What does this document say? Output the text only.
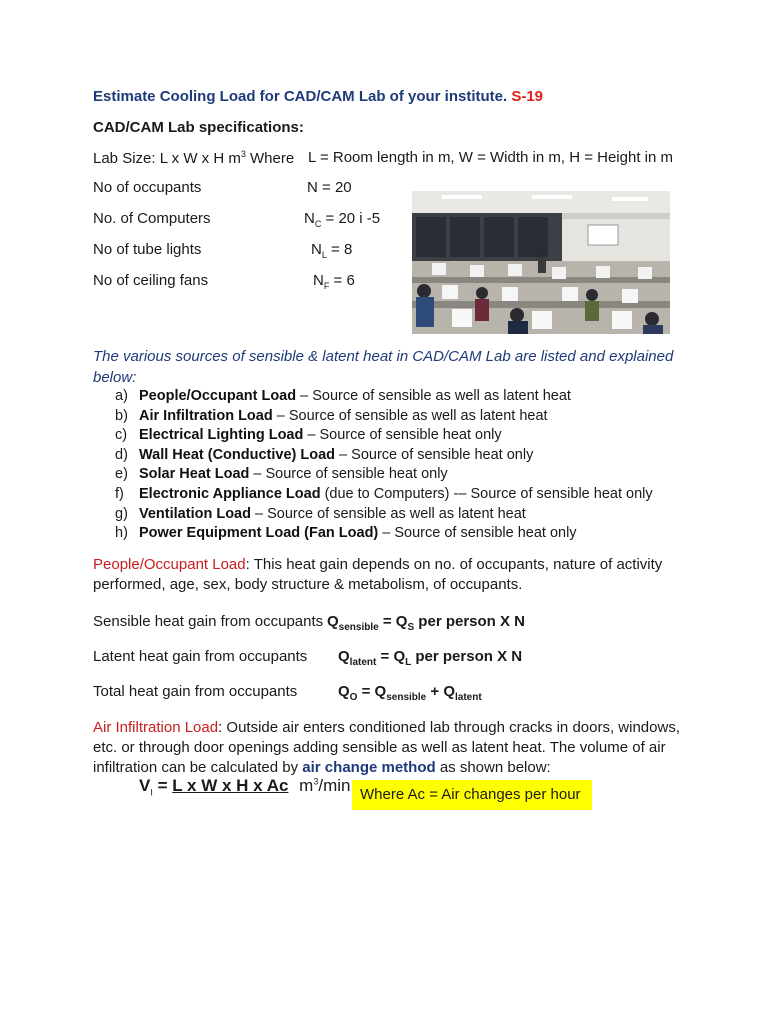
Estimate Cooling Load for CAD/CAM Lab of your institute. S-19
CAD/CAM Lab specifications:
Lab Size: L x W x H $m^3$ Where L = Room length in m, W = Width in m, H = Height in m
No of occupants	N = 20
No. of Computers	$N_C = 20$ i -5
No of tube lights	$N_L = 8$
No of ceiling fans	$N_F = 6$
The various sources of sensible & latent heat in CAD/CAM Lab are listed and explained below:
a) People/Occupant Load – Source of sensible as well as latent heat
b) Air Infiltration Load – Source of sensible as well as latent heat
c) Electrical Lighting Load – Source of sensible heat only
d) Wall Heat (Conductive) Load – Source of sensible heat only
e) Solar Heat Load – Source of sensible heat only
f) Electronic Appliance Load (due to Computers) -– Source of sensible heat only
g) Ventilation Load – Source of sensible as well as latent heat
h) Power Equipment Load (Fan Load) – Source of sensible heat only
People/Occupant Load: This heat gain depends on no. of occupants, nature of activity performed, age, sex, body structure & metabolism, of occupants.
Sensible heat gain from occupants $Q_{sensible} = Q_S$ per person X N
Latent heat gain from occupants $Q_{latent} = Q_L$ per person X N
Total heat gain from occupants	$Q_O = Q_{sensible} + Q_{latent}$
Air Infiltration Load: Outside air enters conditioned lab through cracks in doors, windows, etc. or through door openings adding sensible as well as latent heat. The volume of air infiltration can be calculated by air change method as shown below:
$V_I = L$ x W x H x Ac $m^3/\min$ Where Ac = Air changes per hour
